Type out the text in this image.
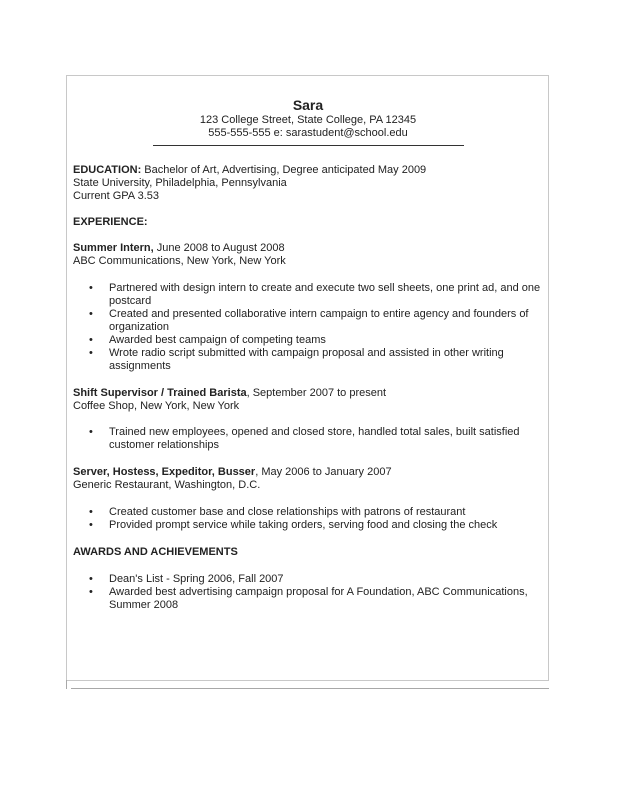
Sara
123 College Street, State College, PA 12345
555-555-555 e: sarastudent@school.edu
EDUCATION: Bachelor of Art, Advertising, Degree anticipated May 2009
State University, Philadelphia, Pennsylvania
Current GPA 3.53
EXPERIENCE:
Summer Intern, June 2008 to August 2008
ABC Communications, New York, New York
• Partnered with design intern to create and execute two sell sheets, one print ad, and one postcard
• Created and presented collaborative intern campaign to entire agency and founders of organization
• Awarded best campaign of competing teams
• Wrote radio script submitted with campaign proposal and assisted in other writing assignments
Shift Supervisor / Trained Barista, September 2007 to present
Coffee Shop, New York, New York
• Trained new employees, opened and closed store, handled total sales, built satisfied customer relationships
Server, Hostess, Expeditor, Busser, May 2006 to January 2007
Generic Restaurant, Washington, D.C.
• Created customer base and close relationships with patrons of restaurant
• Provided prompt service while taking orders, serving food and closing the check
AWARDS AND ACHIEVEMENTS
• Dean's List - Spring 2006, Fall 2007
• Awarded best advertising campaign proposal for A Foundation, ABC Communications, Summer 2008
